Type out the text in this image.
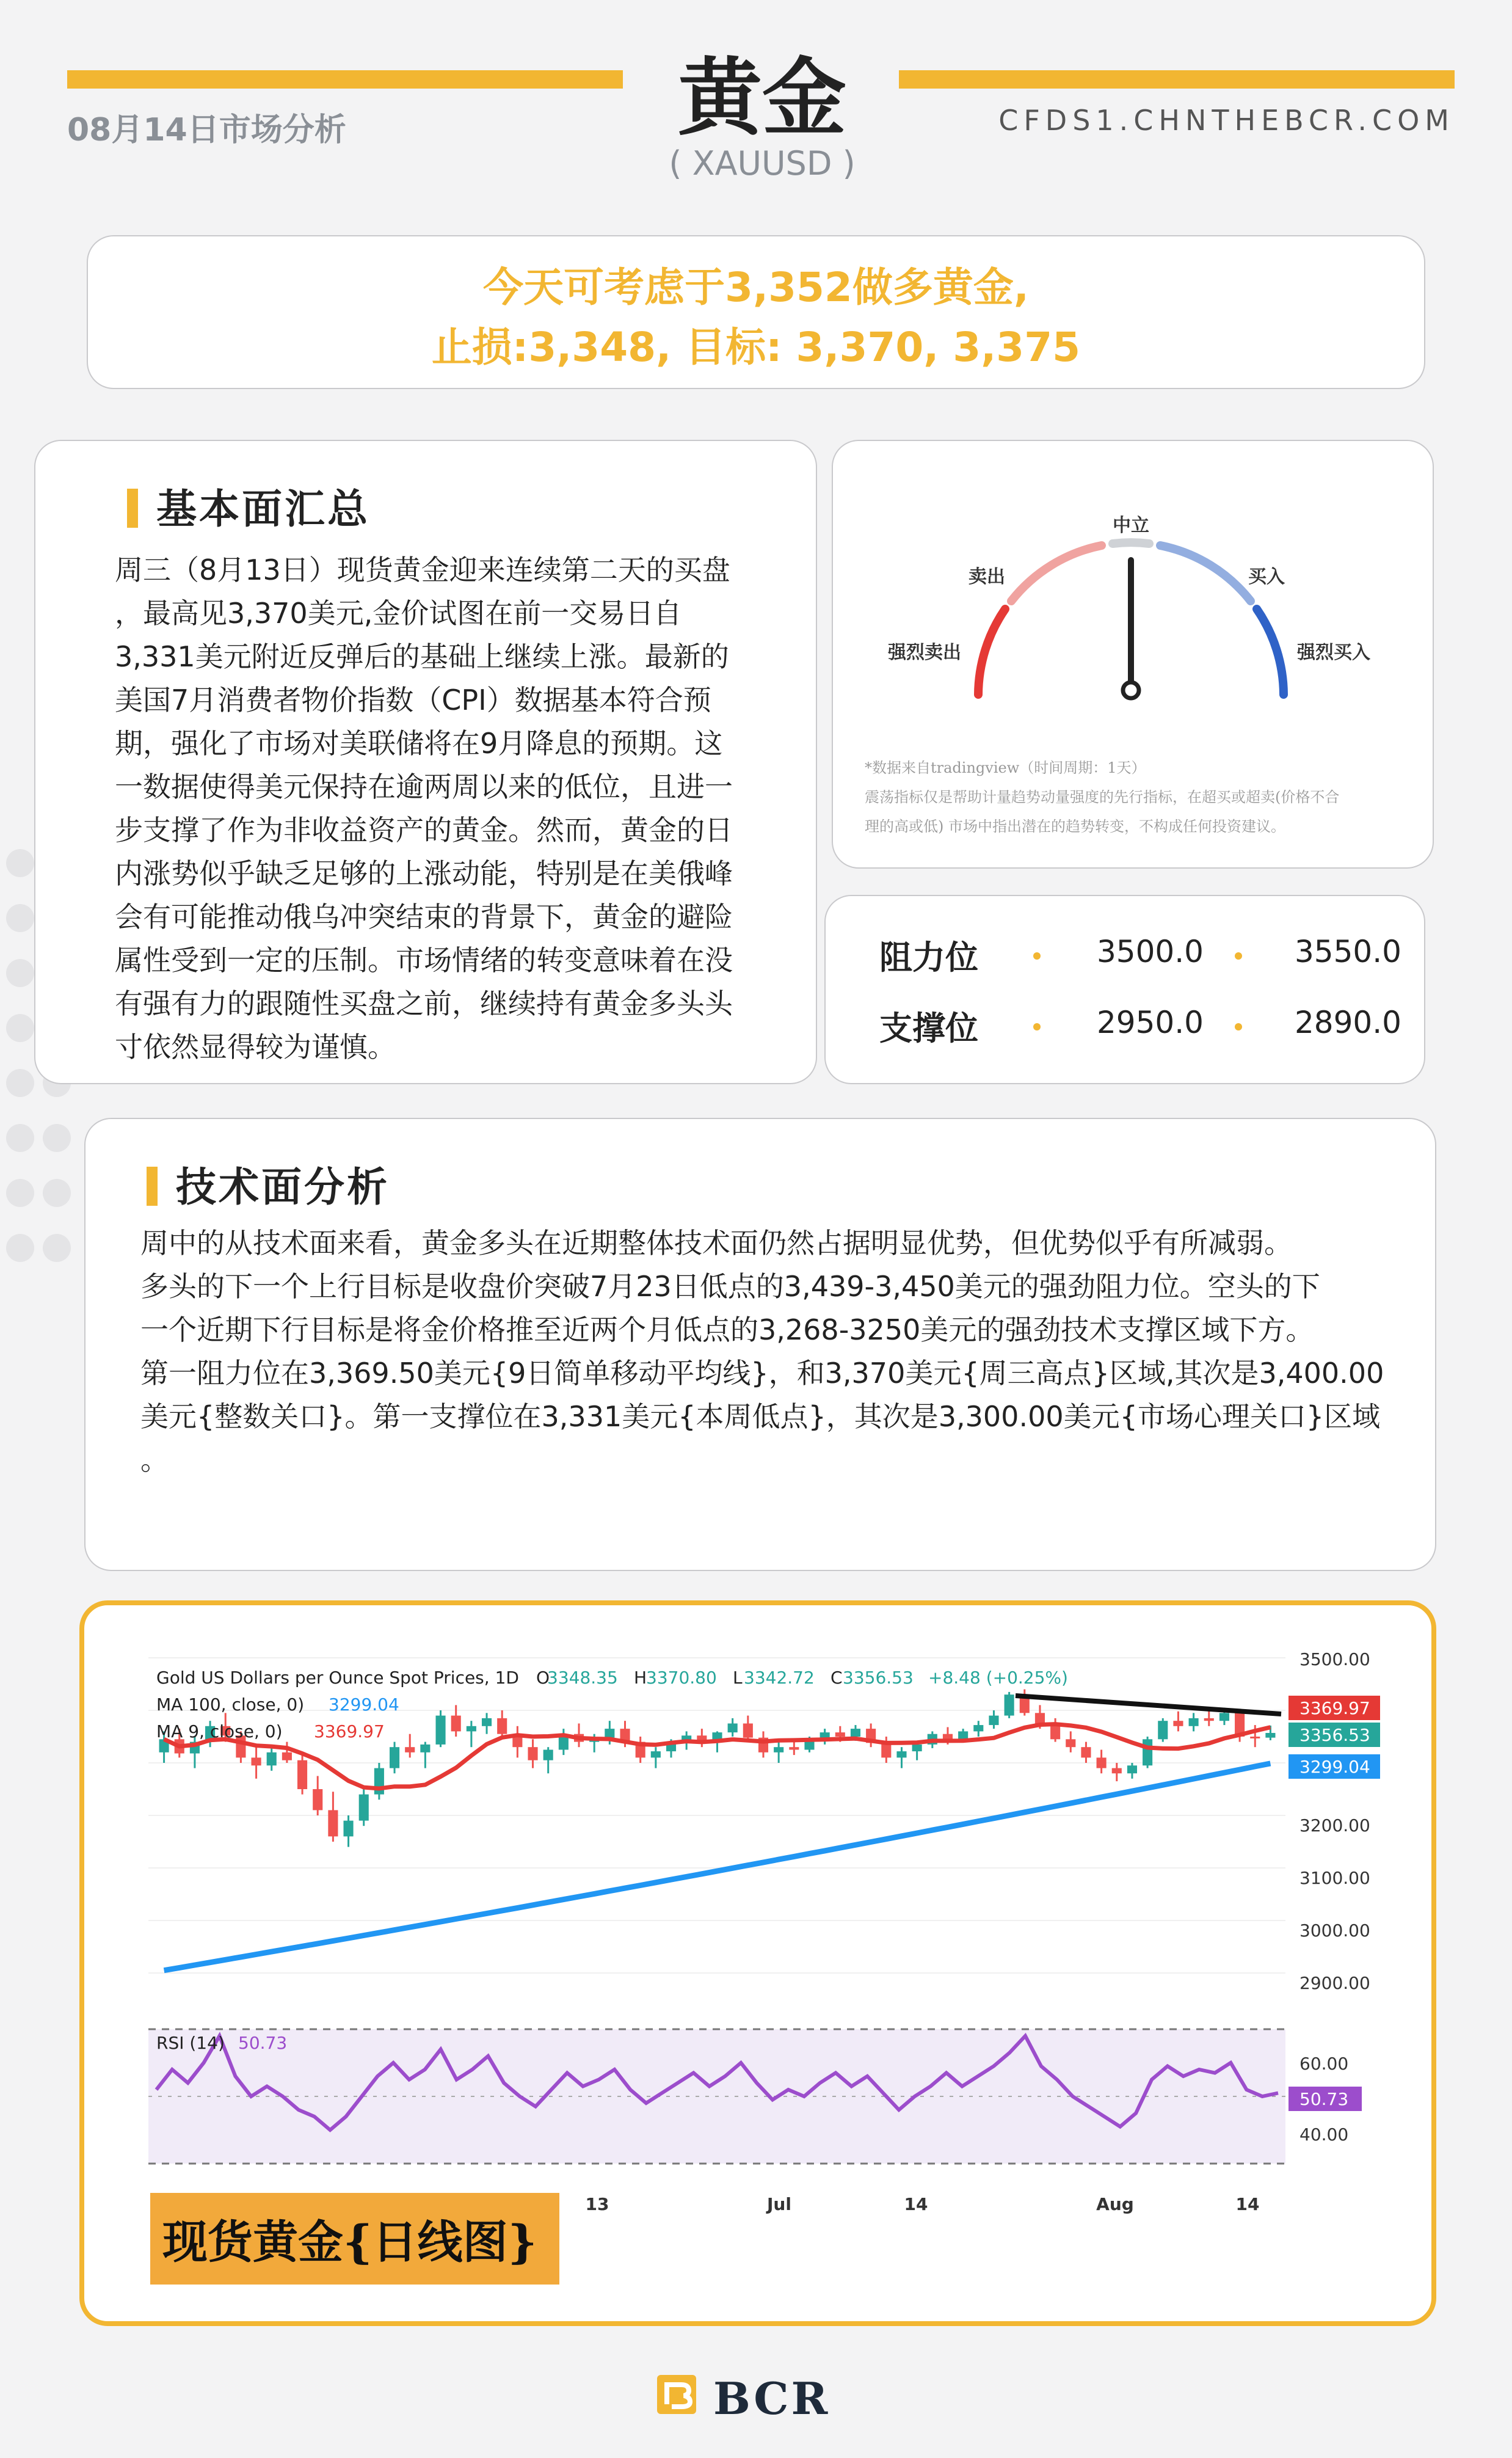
08月14日市场分析	黄金
( XAUUSD )
CFDS1.CHNTHEBCR.COM
今天可考虑于3,352做多黄金,
止损:3,348, 目标: 3,370, 3,375
基本面汇总
周三（8月13日）现货黄金迎来连续第二天的买盘
，最高见3,370美元,金价试图在前一交易日自
3,331美元附近反弹后的基础上继续上涨。最新的
美国7月消费者物价指数（CPI）数据基本符合预
期，强化了市场对美联储将在9月降息的预期。这
一数据使得美元保持在逾两周以来的低位，且进一
步支撑了作为非收益资产的黄金。然而，黄金的日
内涨势似乎缺乏足够的上涨动能，特别是在美俄峰
会有可能推动俄乌冲突结束的背景下，黄金的避险
属性受到一定的压制。市场情绪的转变意味着在没
有强有力的跟随性买盘之前，继续持有黄金多头头
寸依然显得较为谨慎。
中立
卖出	买入
强烈卖出	强烈买入
*数据来自tradingview（时间周期：1天）
震荡指标仅是帮助计量趋势动量强度的先行指标，在超买或超卖(价格不合
理的高或低) 市场中指出潜在的趋势转变，不构成任何投资建议。
阻力位	3500.0	3550.0
支撑位	2950.0	2890.0
技术面分析
周中的从技术面来看，黄金多头在近期整体技术面仍然占据明显优势，但优势似乎有所减弱。
多头的下一个上行目标是收盘价突破7月23日低点的3,439-3,450美元的强劲阻力位。空头的下
一个近期下行目标是将金价格推至近两个月低点的3,268-3250美元的强劲技术支撑区域下方。
第一阻力位在3,369.50美元{9日简单移动平均线}，和3,370美元{周三高点}区域,其次是3,400.00
美元{整数关口}。第一支撑位在3,331美元{本周低点}，其次是3,300.00美元{市场心理关口}区域
。
Gold US Dollars per Ounce Spot Prices, 1D O
3348.35 H
3370.80 L 3342.72 C 3356.53 +8.48 (+0.25%)
MA 100, close, 0) 3299.04
MA 9, close, 0) 3369.97
RSI (14) 50.73
3500.00
3200.00
3100.00
3000.00
2900.00
3369.97
3356.53
3299.04
60.00
40.00
50.73
13	Jul	14	Aug	14
现货黄金{日线图}
BCR
